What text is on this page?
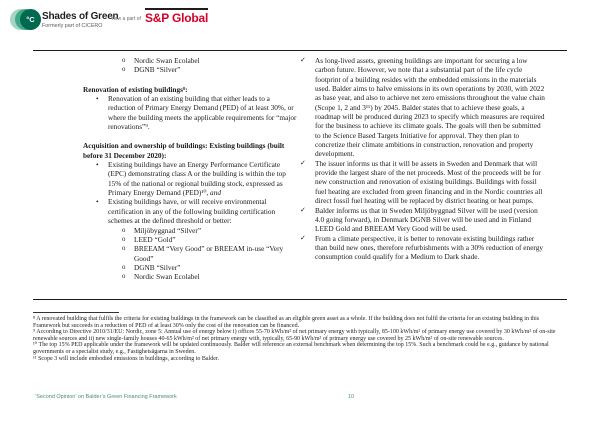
°C Shades of Green
Formerly part of CICERO
now a part of S&P Global
o	Nordic Swan Ecolabel
o	DGNB “Silver”
Renovation of existing buildings⁸:
•	Renovation of an existing building that either leads to a reduction of Primary Energy Demand (PED) of at least 30%, or where the building meets the applicable requirements for “major renovations”⁹.
Acquisition and ownership of buildings: Existing buildings (built before 31 December 2020):
•	Existing buildings have an Energy Performance Certificate (EPC) demonstrating class A or the building is within the top 15% of the national or regional building stock, expressed as Primary Energy Demand (PED)¹⁰, and
•	Existing buildings have, or will receive environmental certification in any of the following building certification schemes at the defined threshold or better:
o	Miljöbyggnad “Silver”
o	LEED “Gold”
o	BREEAM “Very Good” or BREEAM in-use “Very Good”
o	DGNB “Silver”
o	Nordic Swan Ecolabel
✓	As long-lived assets, greening buildings are important for securing a low carbon future. However, we note that a substantial part of the life cycle footprint of a building resides with the embedded emissions in the materials used. Balder aims to halve emissions in its own operations by 2030, with 2022 as base year, and also to achieve net zero emissions throughout the value chain (Scope 1, 2 and 3¹¹) by 2045. Balder states that to achieve these goals, a roadmap will be produced during 2023 to specify which measures are required for the business to achieve its climate goals. The goals will then be submitted to the Science Based Targets Initiative for approval. They then plan to concretize their climate ambitions in construction, renovation and property development.
✓	The issuer informs us that it will be assets in Sweden and Denmark that will provide the largest share of the net proceeds. Most of the proceeds will be for new construction and renovation of existing buildings. Buildings with fossil fuel heating are excluded from green financing and in the Nordic countries all direct fossil fuel heating will be replaced by district heating or heat pumps.
✓	Balder informs us that in Sweden Miljöbyggnad Silver will be used (version 4.0 going forward), in Denmark DGNB Silver will be used and in Finland LEED Gold and BREEAM Very Good will be used.
✓	From a climate perspective, it is better to renovate existing buildings rather than build new ones, therefore refurbishments with a 30% reduction of energy consumption could qualify for a Medium to Dark shade.

⁸ A renovated building that fulfils the criteria for existing buildings in the framework can be classified as an eligible green asset as a whole. If the building does not fulfil the criteria for an existing building in this Framework but succeeds in a reduction of PED of at least 30% only the cost of the renovation can be financed.

⁹ According to Directive 2010/31/EU: Nordic, zone 5: Annual use of energy below i) offices 55-70 kWh/m² of net primary energy with typically, 85-100 kWh/m² of primary energy use covered by 30 kWh/m² of on-site renewable sources and ii) new single-family houses 40-65 kWh/m² of net primary energy with, typically, 65-90 kWh/m² of primary energy use covered by 25 kWh/m² of on-site renewable sources.

¹⁰ The top 15% PED applicable under the framework will be updated continuously. Balder will reference an external benchmark when determining the top 15%. Such a benchmark could be e.g., guidance by national governments or a specialist study, e.g., Fastighetsägarna in Sweden.

¹¹ Scope 3 will include embodied emissions in buildings, according to Balder.

‘Second Opinion’ on Balder’s Green Financing Framework	10
